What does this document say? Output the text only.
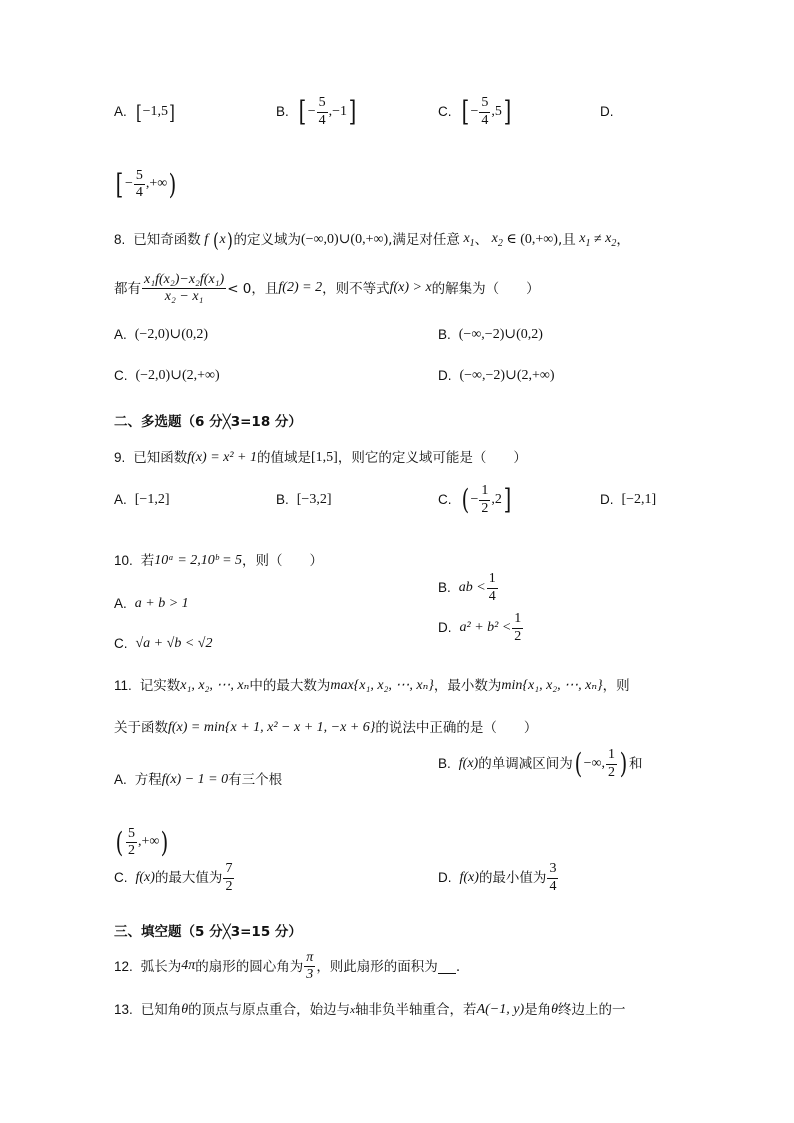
A. [ −1,5 ]	B. [ − $\frac{5}{4} ,-1$ ]	C. [ − $\frac{5}{4} ,5$ ]	D.
[ − $\frac{5}{4}$ ,+∞ )
8. 已知奇函数 f ( x ) 的定义域为 (−∞,0)∪(0,+∞) ,满足对任意 $x_1$ 、 $x_2$ ∈ (0,+∞) ,且 $x_1 \ne x_2$ ，
都有 $\frac{\text{x₁f(x₂)−x₂f(x₁)}}{\text{x₂ − x₁}} < 0$，且 f(2) = 2 ，则不等式 f(x) > x 的解集为（　　）
A. (−2,0)∪(0,2)	B. (−∞,−2)∪(0,2)
C. (−2,0)∪(2,+∞)	D. (−∞,−2)∪(2,+∞)
二、多选题（6 分╳3=18 分）
9. 已知函数 f(x) = x² + 1 的值域是 [1,5] ，则它的定义域可能是（　　）
A. [−1,2]	B. [−3,2]	C. ( − $\frac{1}{2} ,2$ ]	D. [−2,1]
10. 若 10ᵃ = 2,10ᵇ = 5 ，则（　　）
A. a + b > 1
B. ab < $\frac{1}{4}$
C. √a + √b < √2
D. $a^2 + b^2 < \frac{1}{2}$
11. 记实数 x₁, x₂, ⋯, xₙ 中的最大数为 max{x₁, x₂, ⋯, xₙ} ，最小数为 min{x₁, x₂, ⋯, xₙ} ，则
关于函数 f(x) = min{x + 1, x² − x + 1, −x + 6} 的说法中正确的是（　　）
A. 方程 f(x) − 1 = 0 有三个根
B. f(x) 的单调减区间为 ( −∞, $\frac{1}{2}$ ) 和
( $\frac{5}{2}$ ,+∞ )
C. f(x) 的最大值为 $\frac{7}{2}$	D. f(x) 的最小值为 $\frac{3}{4}$
三、填空题（5 分╳3=15 分）
12. 弧长为 4π 的扇形的圆心角为 $\frac{\pi}{3}$ ，则此扇形的面积为 .
13. 已知角 θ 的顶点与原点重合，始边与 x 轴非负半轴重合，若 A(−1, y) 是角 θ 终边上的一
